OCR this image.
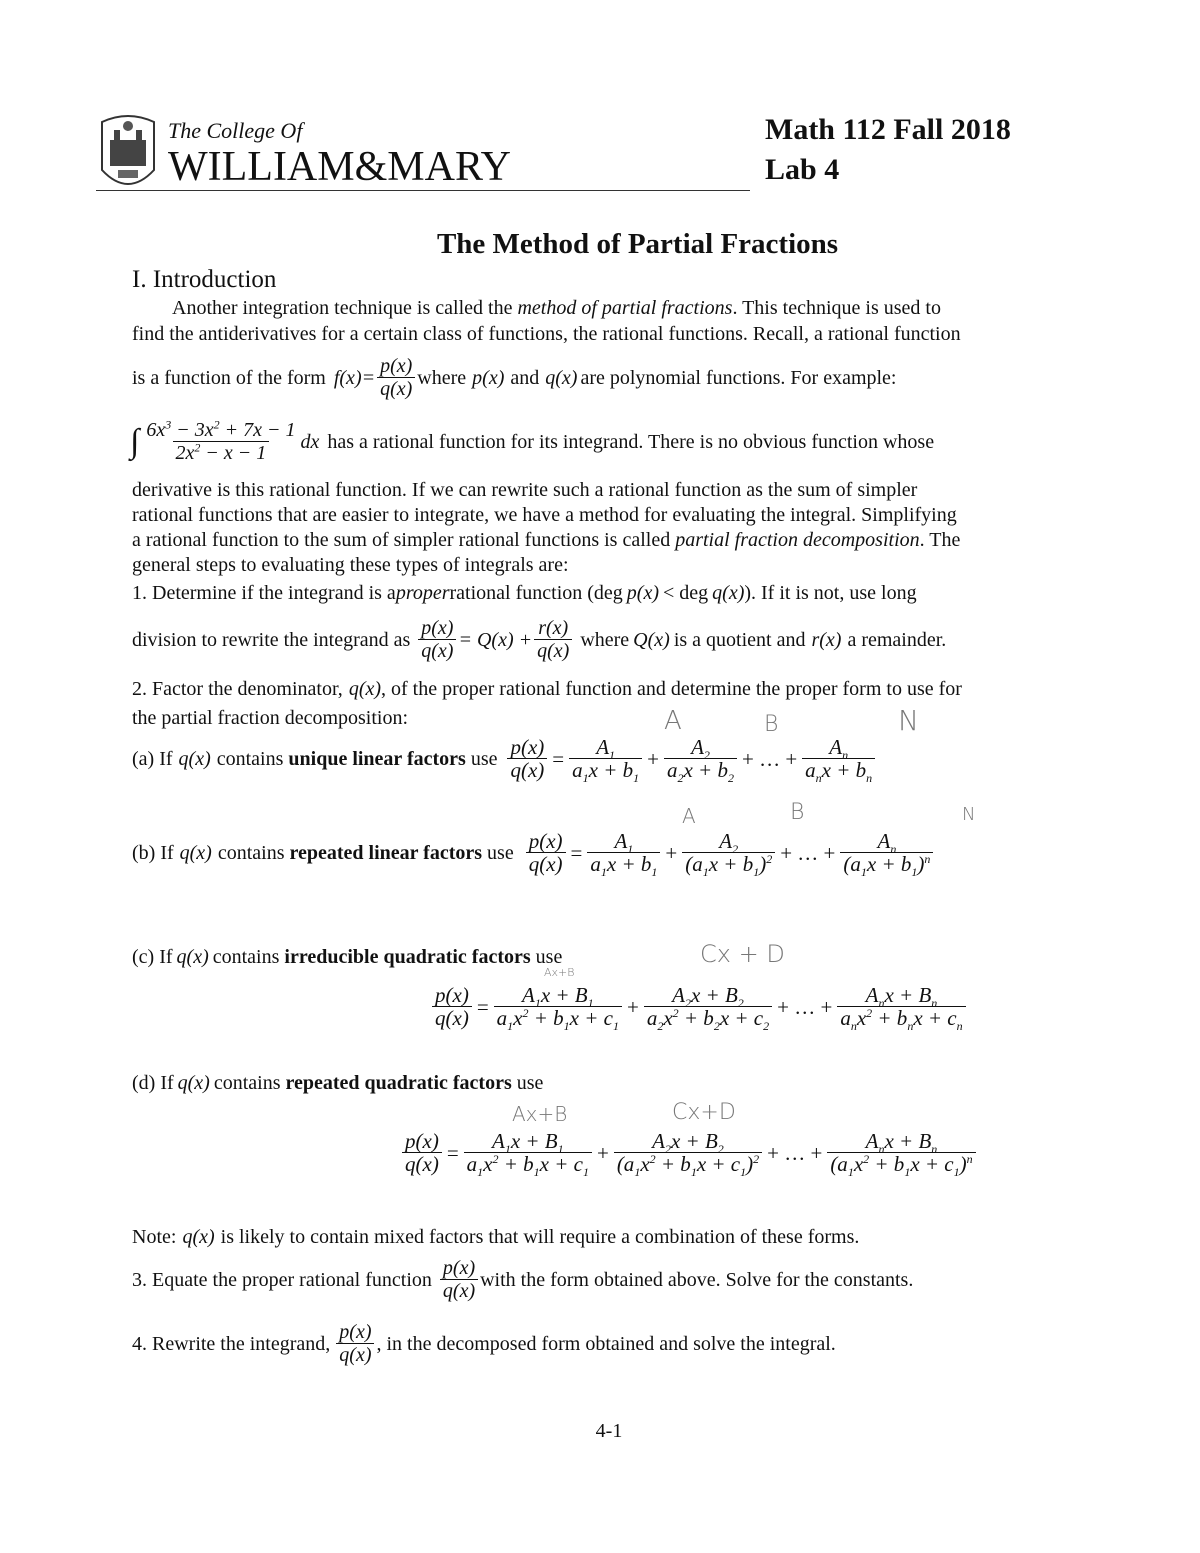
The College Of
WILLIAM&MARY
Math 112 Fall 2018
Lab 4
The Method of Partial Fractions
I. Introduction
Another integration technique is called the method of partial fractions. This technique is used to
find the antiderivatives for a certain class of functions, the rational functions. Recall, a rational function
is a function of the form $f(x)= \frac{p(x)}{q(x)}$ where p(x) and q(x) are polynomial functions. For example:
∫ $\frac{6x^3 - 3x^2 + 7x - 1}{2x^2 - x - 1}$ dx has a rational function for its integrand. There is no obvious function whose
derivative is this rational function. If we can rewrite such a rational function as the sum of simpler
rational functions that are easier to integrate, we have a method for evaluating the integral. Simplifying
a rational function to the sum of simpler rational functions is called partial fraction decomposition. The
general steps to evaluating these types of integrals are:
1. Determine if the integrand is a proper rational function (deg p(x) < deg q(x) ). If it is not, use long
division to rewrite the integrand as $\frac{p(x)}{q(x)} = Q(x) + \frac{r(x)}{q(x)}$ where Q(x) is a quotient and r(x) a remainder.
2. Factor the denominator, q(x) , of the proper rational function and determine the proper form to use for
the partial fraction decomposition:	A	B	N
(a) If q(x) contains unique linear factors use $\frac{p(x)}{q(x)} = \frac{A_1}{a_1x + b_1} + \frac{A_2}{a_2x + b_2}$ + … + $\frac{A_n}{a_nx + b_n}$
A	B	N
(b) If q(x) contains repeated linear factors use $\frac{p(x)}{q(x)} = \frac{A_1}{a_1x + b_1} + \frac{A_2}{(a_1x + b_1)^2}$ + … + $\frac{A_n}{(a_1x + b_1)^n}$
(c) If q(x) contains irreducible quadratic factors use
Ax+B
Cx + D
$\frac{p(x)}{q(x)} = \frac{A_1x + B_1}{a_1x^2 + b_1x + c_1} + \frac{A_2x + B_2}{a_2x^2 + b_2x + c_2}$ + … + $\frac{A_nx + B_n}{a_nx^2 + b_nx + c_n}$
(d) If q(x) contains repeated quadratic factors use
Ax+B	Cx+D
$\frac{p(x)}{q(x)} = \frac{A_1x + B_1}{a_1x^2 + b_1x + c_1} + \frac{A_2x + B_2}{(a_1x^2 + b_1x + c_1)^2}$ + … + $\frac{A_nx + B_n}{(a_1x^2 + b_1x + c_1)^n}$
Note: q(x) is likely to contain mixed factors that will require a combination of these forms.
3. Equate the proper rational function $\frac{p(x)}{q(x)}$ with the form obtained above. Solve for the constants.
4. Rewrite the integrand, $\frac{p(x)}{q(x)}$ , in the decomposed form obtained and solve the integral.
4-1
